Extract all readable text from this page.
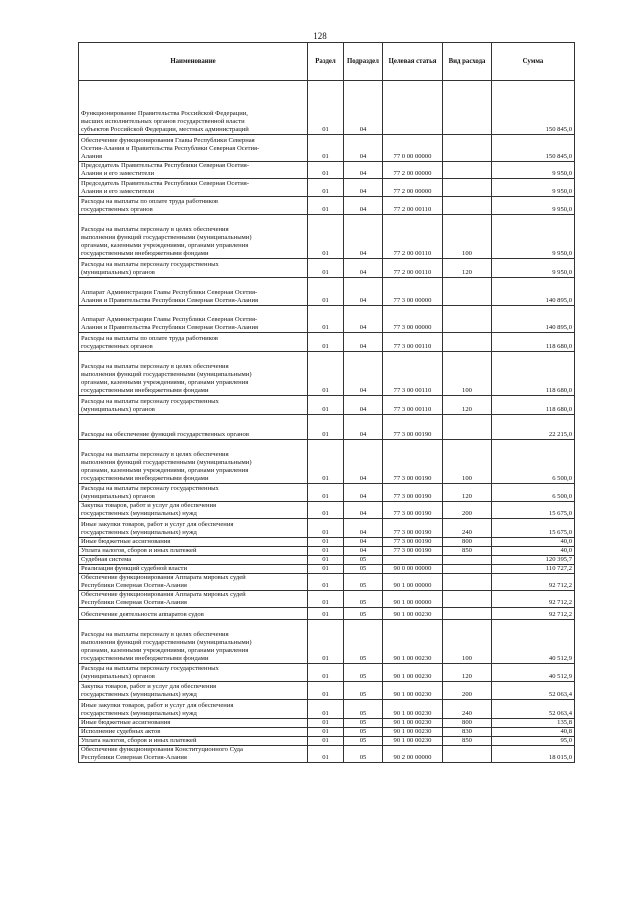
128
Наименование	Раздел	Подраздел	Целевая статья	Вид расхода	Сумма
Функционирование Правительства Российской Федерации,
высших исполнительных органов государственной власти
субъектов Российской Федерации, местных администраций	01	04			150 845,0
Обеспечение функционирования Главы Республики Северная
Осетия-Алания и Правительства Республики Северная Осетия-
Алания	01	04	77 0 00 00000		150 845,0
Председатель Правительства Республики Северная Осетия-
Алания и его заместители	01	04	77 2 00 00000		9 950,0
Председатель Правительства Республики Северная Осетия-
Алания и его заместители	01	04	77 2 00 00000		9 950,0
Расходы на выплаты по оплате труда работников
государственных органов	01	04	77 2 00 00110		9 950,0
Расходы на выплаты персоналу в целях обеспечения
выполнения функций государственными (муниципальными)
органами, казенными учреждениями, органами управления
государственными внебюджетными фондами	01	04	77 2 00 00110	100	9 950,0
Расходы на выплаты персоналу государственных
(муниципальных) органов	01	04	77 2 00 00110	120	9 950,0
Аппарат Администрации Главы Республики Северная Осетия-
Алания и Правительства Республики Северная Осетия-Алания	01	04	77 3 00 00000		140 895,0
Аппарат Администрации Главы Республики Северная Осетия-
Алания и Правительства Республики Северная Осетия-Алания	01	04	77 3 00 00000		140 895,0
Расходы на выплаты по оплате труда работников
государственных органов	01	04	77 3 00 00110		118 680,0
Расходы на выплаты персоналу в целях обеспечения
выполнения функций государственными (муниципальными)
органами, казенными учреждениями, органами управления
государственными внебюджетными фондами	01	04	77 3 00 00110	100	118 680,0
Расходы на выплаты персоналу государственных
(муниципальных) органов	01	04	77 3 00 00110	120	118 680,0
Расходы на обеспечение функций государственных органов	01	04	77 3 00 00190		22 215,0
Расходы на выплаты персоналу в целях обеспечения
выполнения функций государственными (муниципальными)
органами, казенными учреждениями, органами управления
государственными внебюджетными фондами	01	04	77 3 00 00190	100	6 500,0
Расходы на выплаты персоналу государственных
(муниципальных) органов	01	04	77 3 00 00190	120	6 500,0
Закупка товаров, работ и услуг для обеспечения
государственных (муниципальных) нужд	01	04	77 3 00 00190	200	15 675,0
Иные закупки товаров, работ и услуг для обеспечения
государственных (муниципальных) нужд	01	04	77 3 00 00190	240	15 675,0
Иные бюджетные ассигнования	01	04	77 3 00 00190	800	40,0
Уплата налогов, сборов и иных платежей	01	04	77 3 00 00190	850	40,0
Судебная система	01	05			120 395,7
Реализация функций судебной власти	01	05	90 0 00 00000		110 727,2
Обеспечение функционирования Аппарата мировых судей
Республики Северная Осетия-Алания	01	05	90 1 00 00000		92 712,2
Обеспечение функционирования Аппарата мировых судей
Республики Северная Осетия-Алания	01	05	90 1 00 00000		92 712,2
Обеспечение деятельности аппаратов судов	01	05	90 1 00 00230		92 712,2
Расходы на выплаты персоналу в целях обеспечения
выполнения функций государственными (муниципальными)
органами, казенными учреждениями, органами управления
государственными внебюджетными фондами	01	05	90 1 00 00230	100	40 512,9
Расходы на выплаты персоналу государственных
(муниципальных) органов	01	05	90 1 00 00230	120	40 512,9
Закупка товаров, работ и услуг для обеспечения
государственных (муниципальных) нужд	01	05	90 1 00 00230	200	52 063,4
Иные закупки товаров, работ и услуг для обеспечения
государственных (муниципальных) нужд	01	05	90 1 00 00230	240	52 063,4
Иные бюджетные ассигнования	01	05	90 1 00 00230	800	135,8
Исполнение судебных актов	01	05	90 1 00 00230	830	40,8
Уплата налогов, сборов и иных платежей	01	05	90 1 00 00230	850	95,0
Обеспечение функционирования Конституционного Суда
Республики Северная Осетия-Алания	01	05	90 2 00 00000		18 015,0
